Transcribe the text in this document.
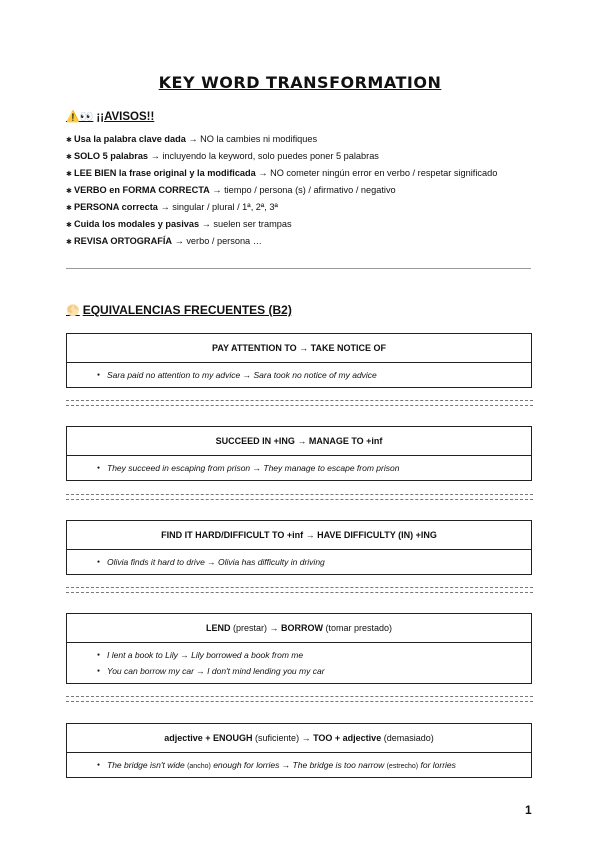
KEY WORD TRANSFORMATION
⚠️👀 ¡¡AVISOS!!
✱ Usa la palabra clave dada → NO la cambies ni modifiques
✱ SOLO 5 palabras → incluyendo la keyword, solo puedes poner 5 palabras
✱ LEE BIEN la frase original y la modificada → NO cometer ningún error en verbo / respetar significado
✱ VERBO en FORMA CORRECTA → tiempo / persona (s) / afirmativo / negativo
✱ PERSONA correcta → singular / plural / 1ª, 2ª, 3ª
✱ Cuida los modales y pasivas → suelen ser trampas
✱ REVISA ORTOGRAFÍA → verbo / persona …
🌕 EQUIVALENCIAS FRECUENTES (B2)
PAY ATTENTION TO → TAKE NOTICE OF
● Sara paid no attention to my advice → Sara took no notice of my advice
SUCCEED IN +ING → MANAGE TO +inf
● They succeed in escaping from prison → They manage to escape from prison
FIND IT HARD/DIFFICULT TO +inf → HAVE DIFFICULTY (IN) +ING
● Olivia finds it hard to drive → Olivia has difficulty in driving
LEND (prestar) → BORROW (tomar prestado)
● I lent a book to Lily → Lily borrowed a book from me
● You can borrow my car → I don't mind lending you my car
adjective + ENOUGH (suficiente) → TOO + adjective (demasiado)
● The bridge isn't wide (ancho) enough for lorries → The bridge is too narrow (estrecho) for lorries
1
